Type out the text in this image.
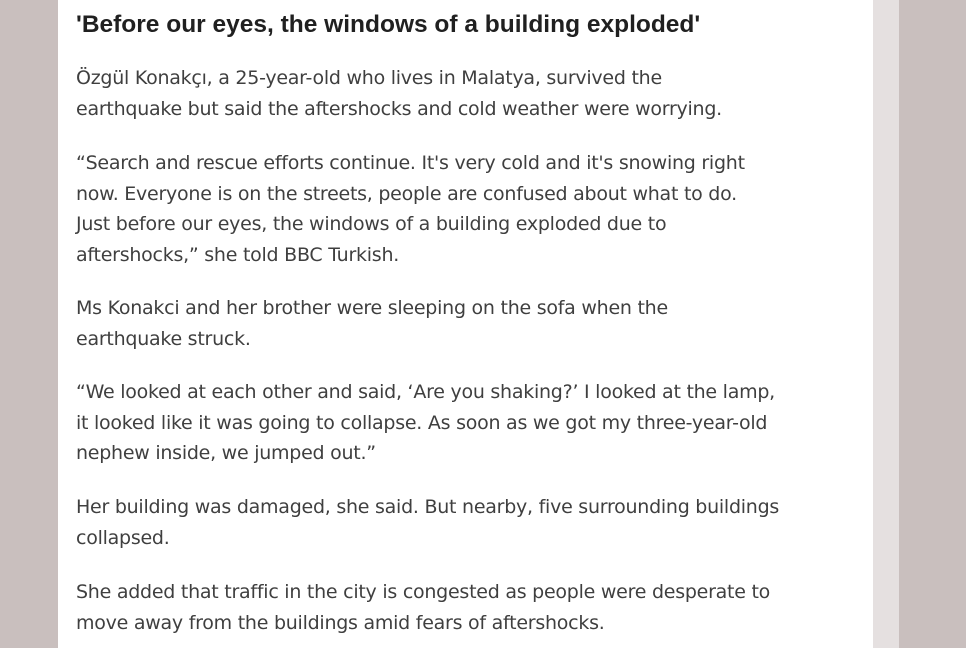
'Before our eyes, the windows of a building exploded'

Özgül Konakçı, a 25-year-old who lives in Malatya, survived the
earthquake but said the aftershocks and cold weather were worrying.

“Search and rescue efforts continue. It's very cold and it's snowing right
now. Everyone is on the streets, people are confused about what to do.
Just before our eyes, the windows of a building exploded due to
aftershocks,” she told BBC Turkish.

Ms Konakci and her brother were sleeping on the sofa when the
earthquake struck.

“We looked at each other and said, ‘Are you shaking?’ I looked at the lamp,
it looked like it was going to collapse. As soon as we got my three-year-old
nephew inside, we jumped out.”

Her building was damaged, she said. But nearby, five surrounding buildings
collapsed.

She added that traffic in the city is congested as people were desperate to
move away from the buildings amid fears of aftershocks.
